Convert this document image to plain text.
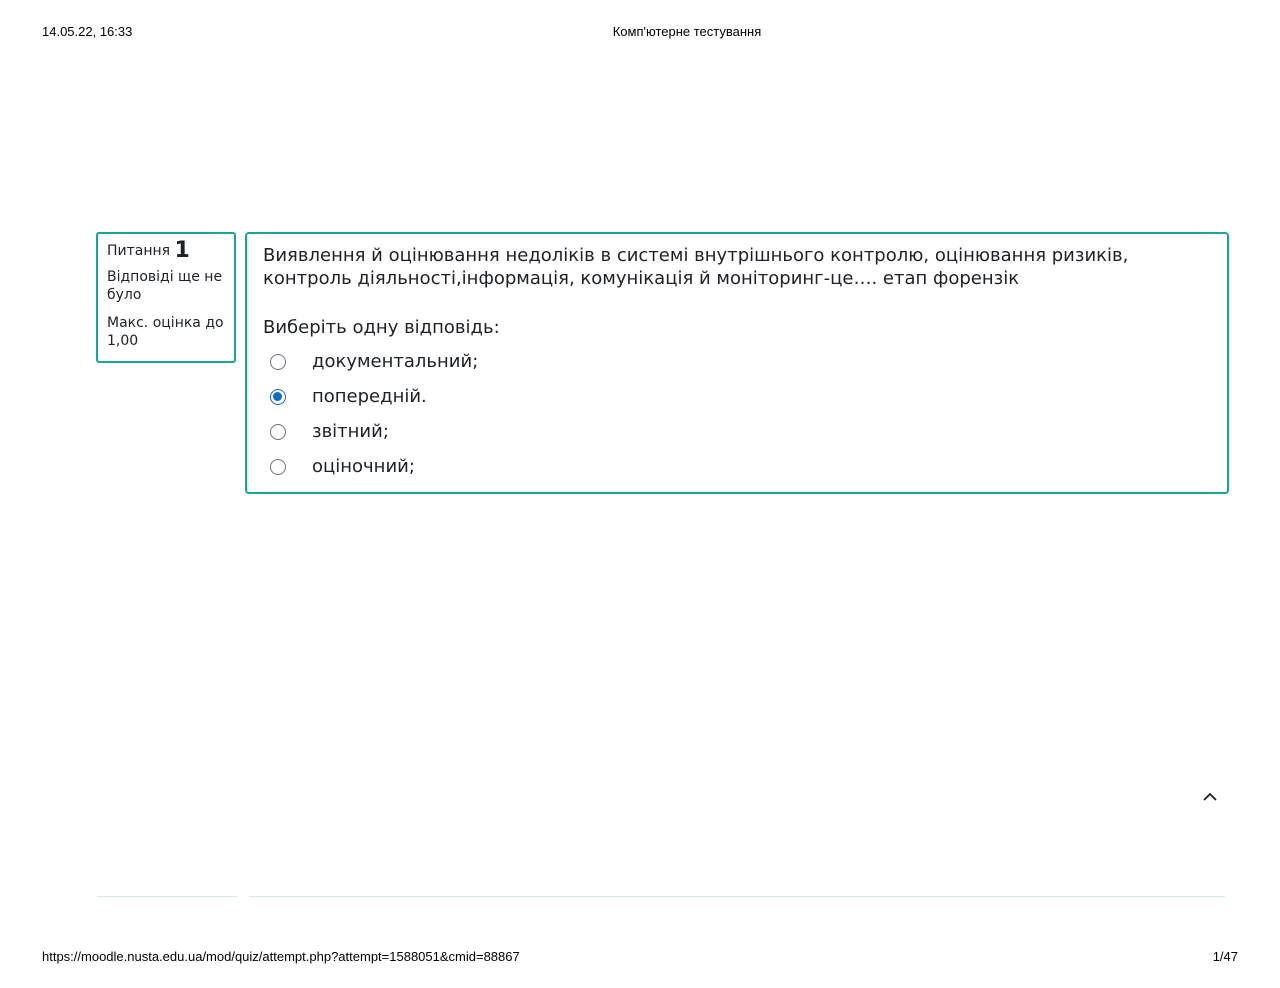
14.05.22, 16:33	Комп'ютерне тестування

Питання 1

Відповіді ще не було

Макс. оцінка до 1,00

Виявлення й оцінювання недоліків в системі внутрішнього контролю, оцінювання ризиків, контроль діяльності,інформація, комунікація й моніторинг-це…. етап форензік

Виберіть одну відповідь:

документальний;
попередній.
звітний;
оціночний;
https://moodle.nusta.edu.ua/mod/quiz/attempt.php?attempt=1588051&cmid=88867	1/47
